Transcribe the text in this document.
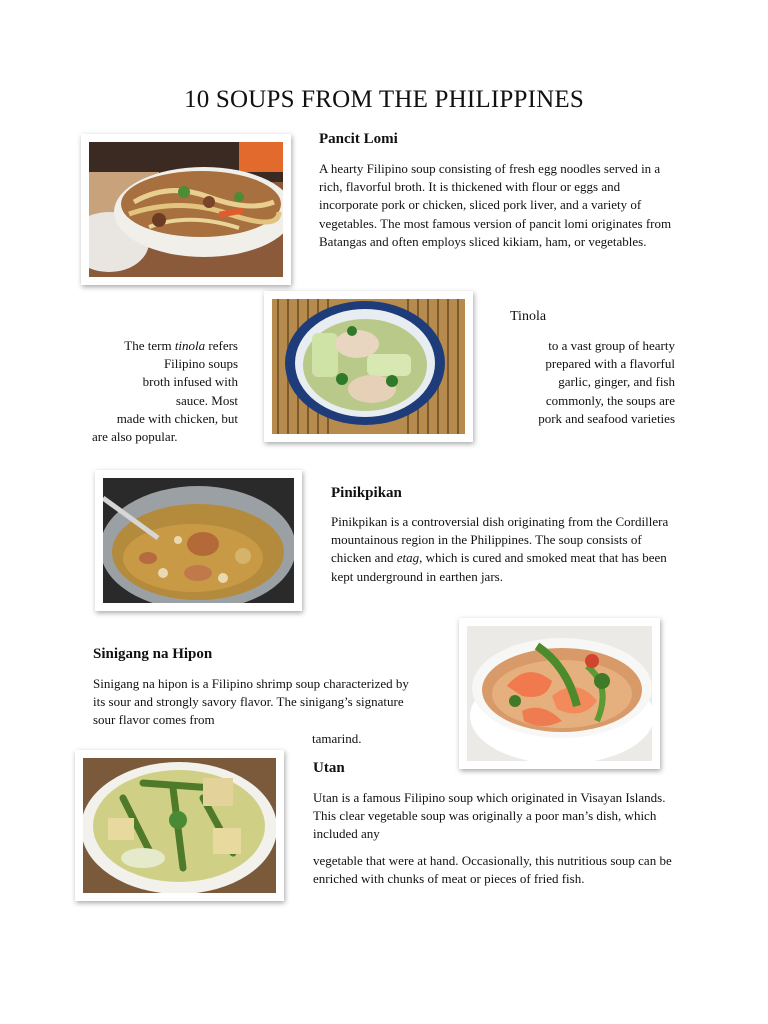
10 SOUPS FROM THE PHILIPPINES
Pancit Lomi

A hearty Filipino soup consisting of fresh egg noodles served in a rich, flavorful broth. It is thickened with flour or eggs and incorporate pork or chicken, sliced pork liver, and a variety of vegetables. The most famous version of pancit lomi originates from Batangas and often employs sliced kikiam, ham, or vegetables.

Tinola
The term tinola refers
Filipino soups
broth infused with
sauce. Most
made with chicken, but
are also popular.
to a vast group of hearty
prepared with a flavorful
garlic, ginger, and fish
commonly, the soups are
pork and seafood varieties
Pinikpikan

Pinikpikan is a controversial dish originating from the Cordillera mountainous region in the Philippines. The soup consists of chicken and etag, which is cured and smoked meat that has been kept underground in earthen jars.

Sinigang na Hipon

Sinigang na hipon is a Filipino shrimp soup characterized by its sour and strongly savory flavor. The sinigang’s signature sour flavor comes from

tamarind.

Utan

Utan is a famous Filipino soup which originated in Visayan Islands. This clear vegetable soup was originally a poor man’s dish, which included any

vegetable that were at hand. Occasionally, this nutritious soup can be enriched with chunks of meat or pieces of fried fish.
